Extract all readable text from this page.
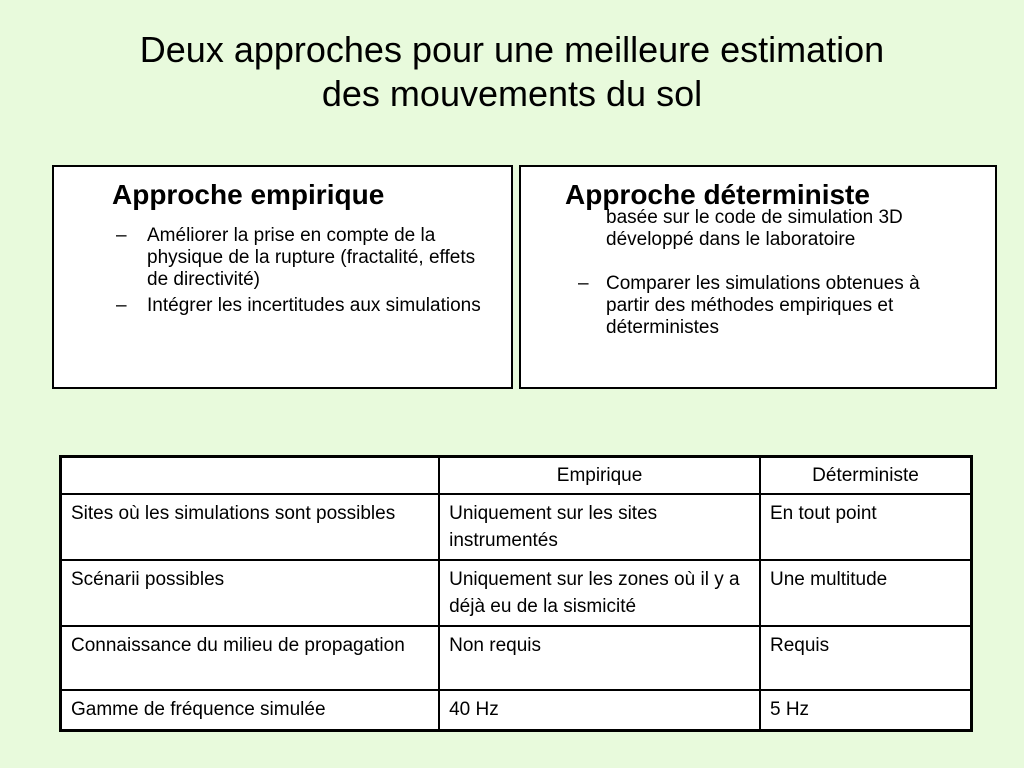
Deux approches pour une meilleure estimation
des mouvements du sol
Approche empirique
– Améliorer la prise en compte de la physique de la rupture (fractalité, effets de directivité)
– Intégrer les incertitudes aux simulations
Approche déterministe
basée sur le code de simulation 3D développé dans le laboratoire
– Comparer les simulations obtenues à partir des méthodes empiriques et déterministes
	Empirique	Déterministe
Sites où les simulations sont possibles	Uniquement sur les sites instrumentés	En tout point
Scénarii possibles	Uniquement sur les zones où il y a déjà eu de la sismicité	Une multitude
Connaissance du milieu de propagation	Non requis	Requis
Gamme de fréquence simulée	40 Hz	5 Hz
